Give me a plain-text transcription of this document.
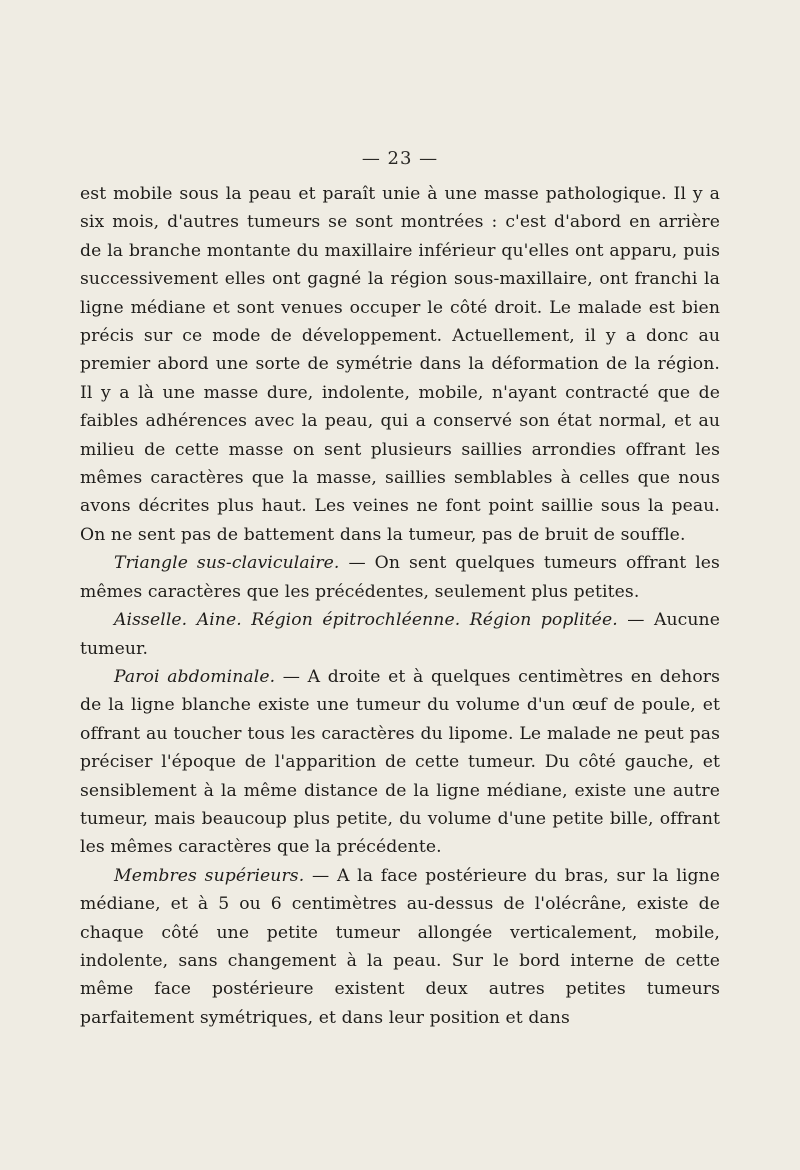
— 23 —

est mobile sous la peau et paraît unie à une masse pathologique. Il y a six mois, d'autres tumeurs se sont montrées : c'est d'abord en arrière de la branche montante du maxillaire inférieur qu'elles ont apparu, puis successivement elles ont gagné la région sous-maxillaire, ont franchi la ligne médiane et sont venues occuper le côté droit. Le malade est bien précis sur ce mode de développement. Actuellement, il y a donc au premier abord une sorte de symétrie dans la déformation de la région. Il y a là une masse dure, indolente, mobile, n'ayant contracté que de faibles adhérences avec la peau, qui a conservé son état normal, et au milieu de cette masse on sent plusieurs saillies arrondies offrant les mêmes caractères que la masse, saillies semblables à celles que nous avons décrites plus haut. Les veines ne font point saillie sous la peau. On ne sent pas de battement dans la tumeur, pas de bruit de souffle.

Triangle sus-claviculaire. — On sent quelques tumeurs offrant les mêmes caractères que les précédentes, seulement plus petites.

Aisselle. Aine. Région épitrochléenne. Région poplitée. — Aucune tumeur.

Paroi abdominale. — A droite et à quelques centimètres en dehors de la ligne blanche existe une tumeur du volume d'un œuf de poule, et offrant au toucher tous les caractères du lipome. Le malade ne peut pas préciser l'époque de l'apparition de cette tumeur. Du côté gauche, et sensiblement à la même distance de la ligne médiane, existe une autre tumeur, mais beaucoup plus petite, du volume d'une petite bille, offrant les mêmes caractères que la précédente.

Membres supérieurs. — A la face postérieure du bras, sur la ligne médiane, et à 5 ou 6 centimètres au-dessus de l'olécrâne, existe de chaque côté une petite tumeur allongée verticalement, mobile, indolente, sans changement à la peau. Sur le bord interne de cette même face postérieure existent deux autres petites tumeurs parfaitement symétriques, et dans leur position et dans
